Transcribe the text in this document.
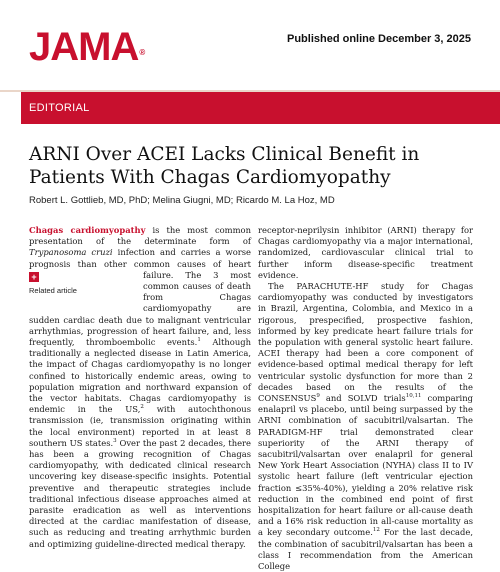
JAMA®
Published online December 3, 2025
EDITORIAL
ARNI Over ACEI Lacks Clinical Benefit in Patients With Chagas Cardiomyopathy
Robert L. Gottlieb, MD, PhD; Melina Giugni, MD; Ricardo M. La Hoz, MD

Chagas cardiomyopathy is the most common presentation of the determinate form of Trypanosoma cruzi infection and carries a worse prognosis than other common causes of heart failure. The 3 most common causes of death from Chagas cardiomyopathy are sudden cardiac death due to malignant ventricular arrhythmias, progression of heart failure, and, less frequently, thromboembolic events.$^1$ Although traditionally a neglected disease in Latin America, the impact of Chagas cardiomyopathy is no longer confined to historically endemic areas, owing to population migration and northward expansion of the vector habitats. Chagas cardiomyopathy is endemic in the US,$^2$ with autochthonous transmission (ie, transmission originating within the local environment) reported in at least 8 southern US states.$^3$ Over the past 2 decades, there has been a growing recognition of Chagas cardiomyopathy, with dedicated clinical research uncovering key disease-specific insights. Potential preventive and therapeutic strategies include traditional infectious disease approaches aimed at parasite eradication as well as interventions directed at the cardiac manifestation of disease, such as reducing and treating arrhythmic burden and optimizing guideline-directed medical therapy.

+
Related article

receptor-neprilysin inhibitor (ARNI) therapy for Chagas cardiomyopathy via a major international, randomized, cardiovascular clinical trial to further inform disease-specific treatment evidence.

The PARACHUTE-HF study for Chagas cardiomyopathy was conducted by investigators in Brazil, Argentina, Colombia, and Mexico in a rigorous, prespecified, prospective fashion, informed by key predicate heart failure trials for the population with general systolic heart failure. ACEI therapy had been a core component of evidence-based optimal medical therapy for left ventricular systolic dysfunction for more than 2 decades based on the results of the CONSENSUS$^9$ and SOLVD trials$^{10,11}$ comparing enalapril vs placebo, until being surpassed by the ARNI combination of sacubitril/valsartan. The PARADIGM-HF trial demonstrated clear superiority of the ARNI therapy of sacubitril/valsartan over enalapril for general New York Heart Association (NYHA) class II to IV systolic heart failure (left ventricular ejection fraction ≤35%-40%), yielding a 20% relative risk reduction in the combined end point of first hospitalization for heart failure or all-cause death and a 16% risk reduction in all-cause mortality as a key secondary outcome.$^{12}$ For the last decade, the combination of sacubitril/valsartan has been a class I recommendation from the American College
